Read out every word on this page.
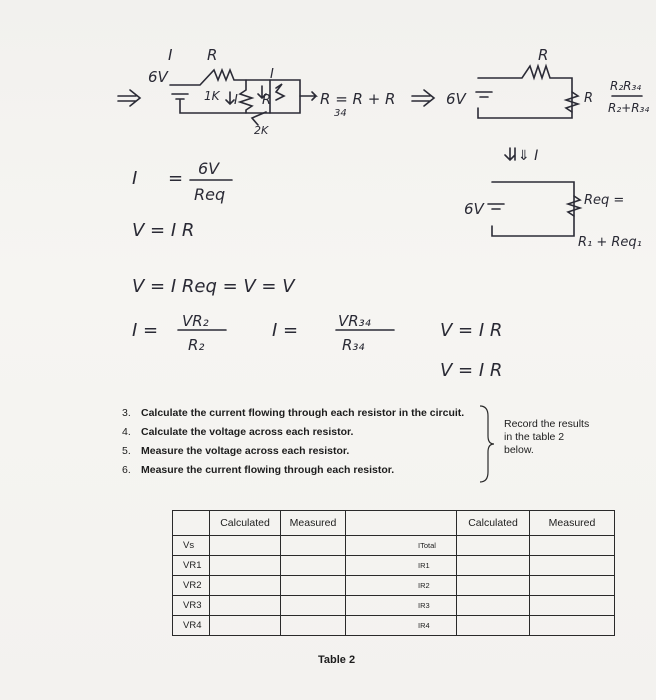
I R
6V
1K I
I
R
2K
R = R + R
34
R
6V
R₂R₃₄
R₂+R₃₄
R
⇓ I
6V	Req =
R₁ + Req₁
I = 6V
Req
V = I R
V = I Req = V = V
I = VR₂
R₂
I =	VR₃₄
R₃₄
V = I R
V = I R
3. Calculate the current flowing through each resistor in the circuit.
4. Calculate the voltage across each resistor.
5. Measure the voltage across each resistor.
6. Measure the current flowing through each resistor.
Record the results in the table 2 below.
	Calculated	Measured		Calculated	Measured
Vs			ITotal		
VR1			IR1		
VR2			IR2		
VR3			IR3		
VR4			IR4		
Table 2
